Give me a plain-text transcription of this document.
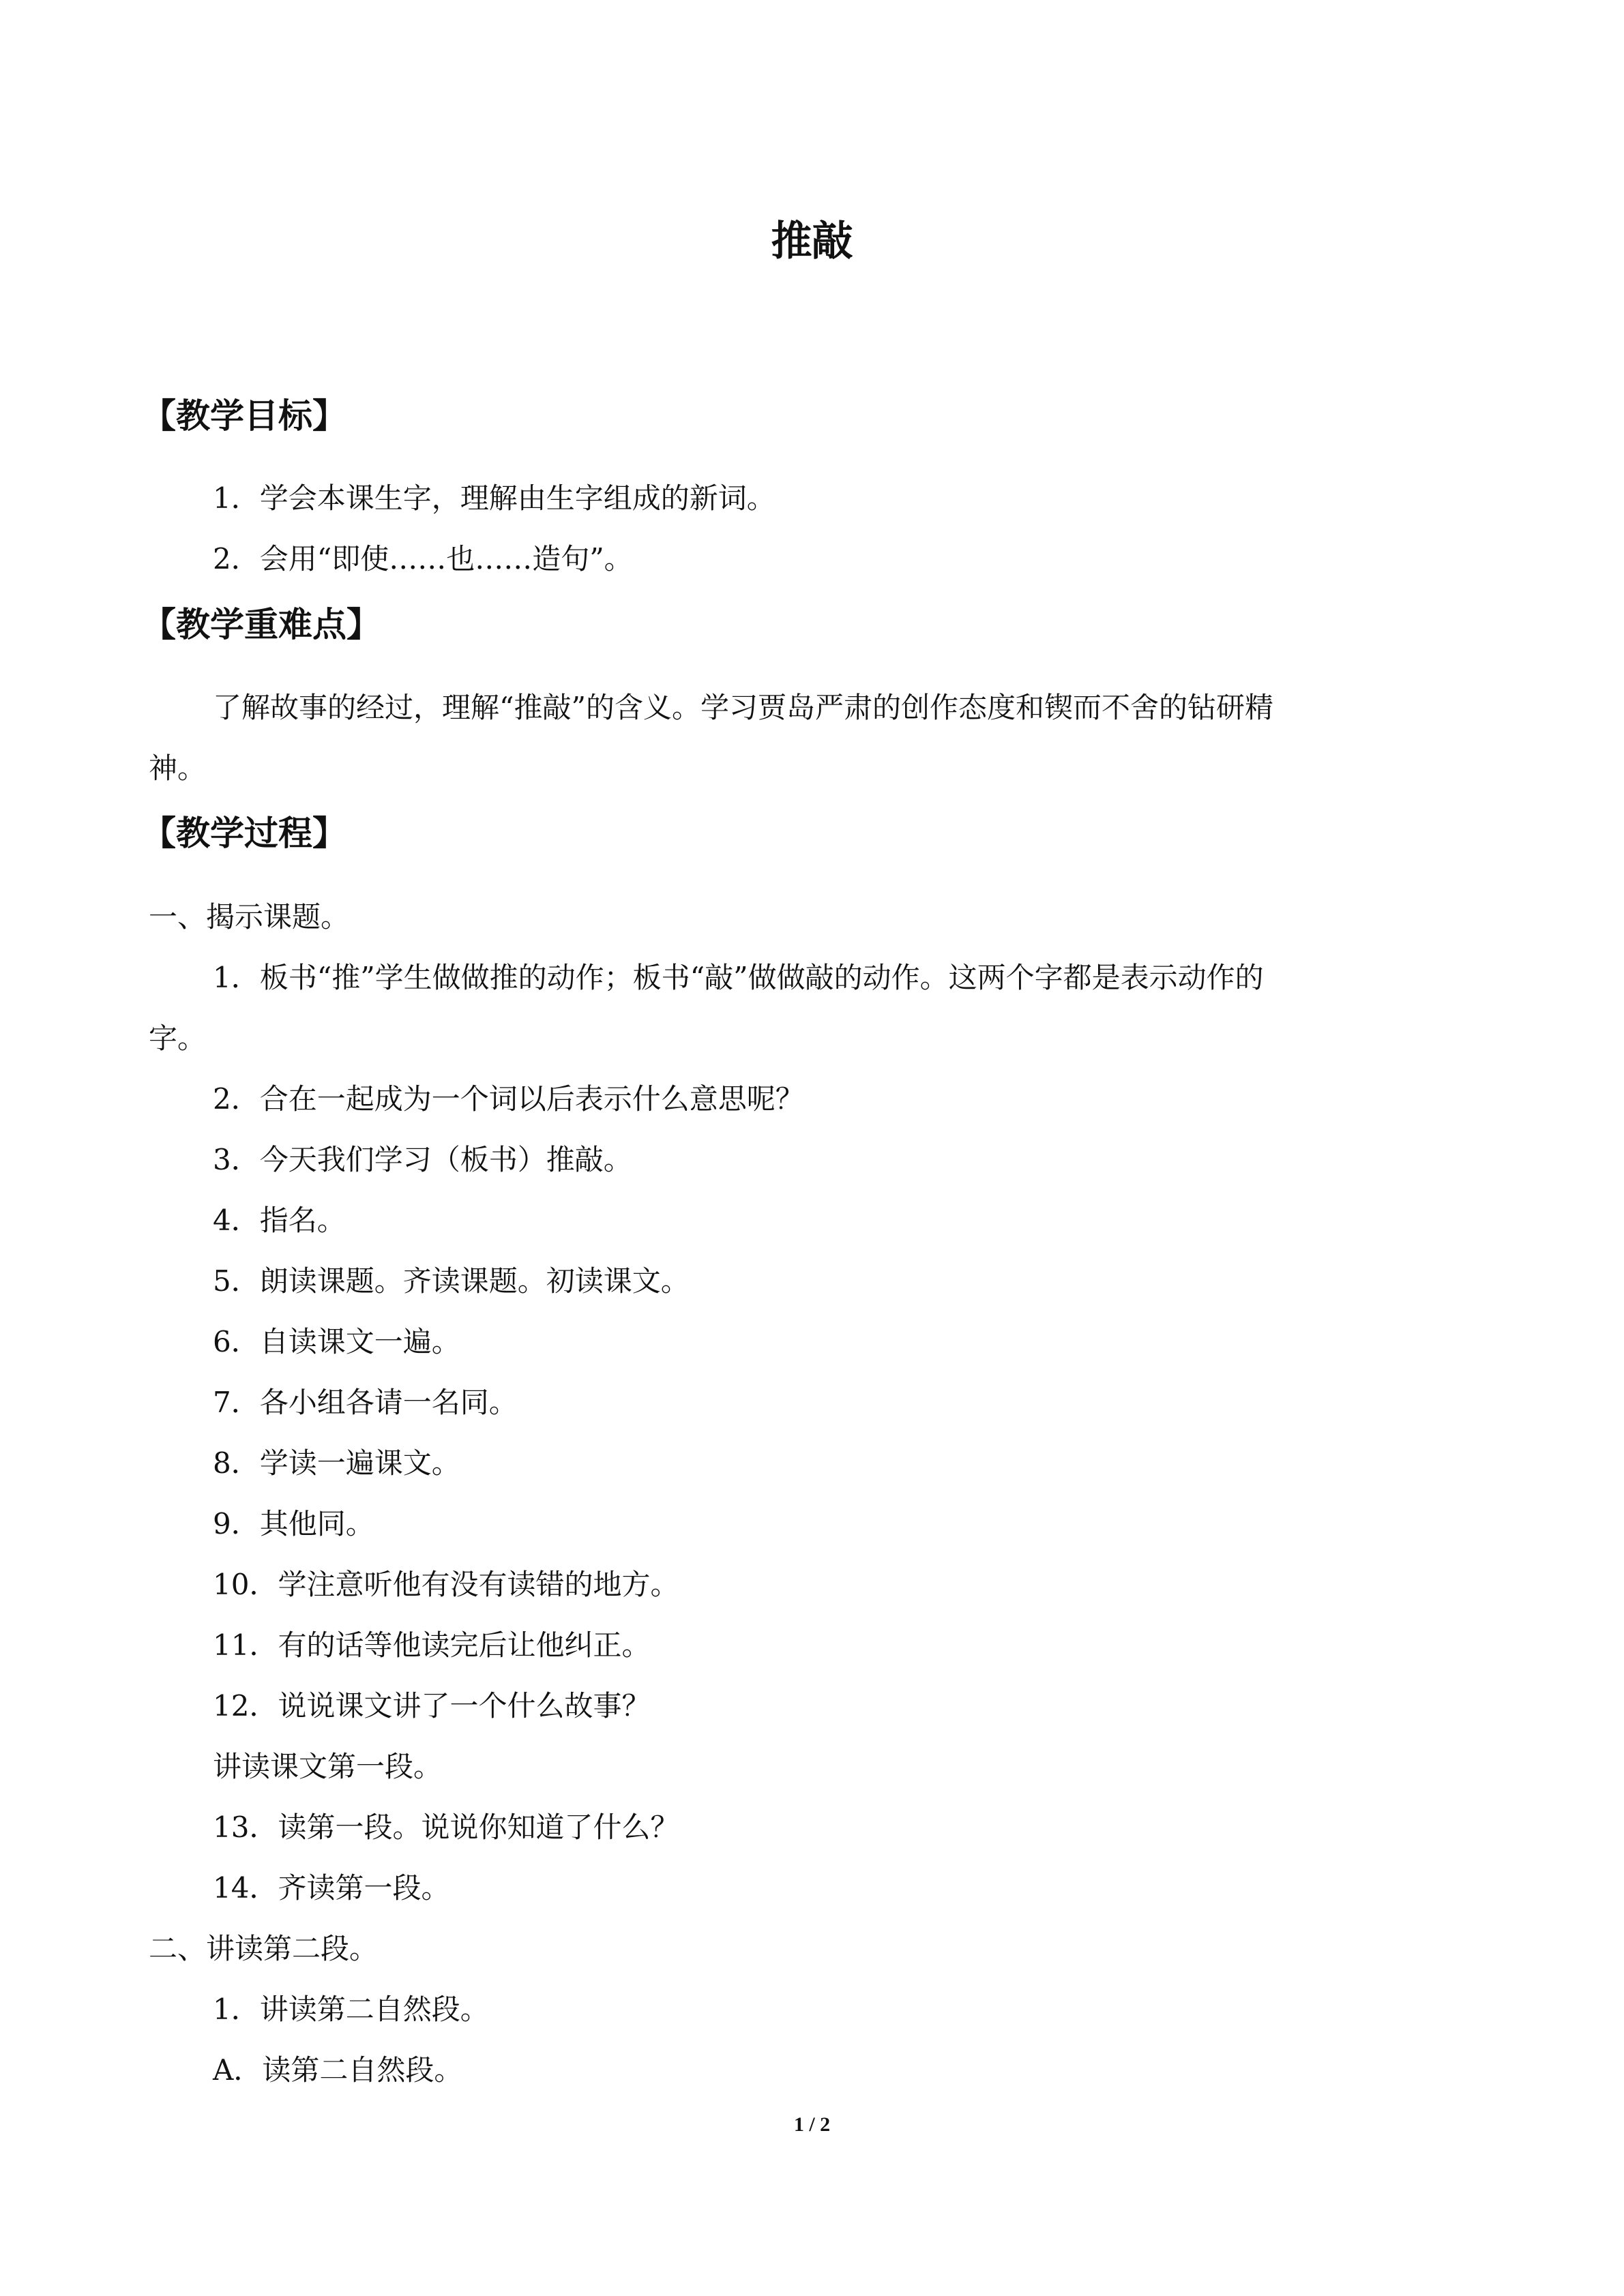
推敲
【教学目标】
1．学会本课生字，理解由生字组成的新词。
2．会用“即使……也……造句”。
【教学重难点】
了解故事的经过，理解“推敲”的含义。学习贾岛严肃的创作态度和锲而不舍的钻研精
神。
【教学过程】
一、揭示课题。
1．板书“推”学生做做推的动作；板书“敲”做做敲的动作。这两个字都是表示动作的
字。
2．合在一起成为一个词以后表示什么意思呢？
3．今天我们学习（板书）推敲。
4．指名。
5．朗读课题。齐读课题。初读课文。
6．自读课文一遍。
7．各小组各请一名同。
8．学读一遍课文。
9．其他同。
10．学注意听他有没有读错的地方。
11．有的话等他读完后让他纠正。
12．说说课文讲了一个什么故事？
讲读课文第一段。
13．读第一段。说说你知道了什么？
14．齐读第一段。
二、讲读第二段。
1．讲读第二自然段。
A．读第二自然段。
1 / 2
